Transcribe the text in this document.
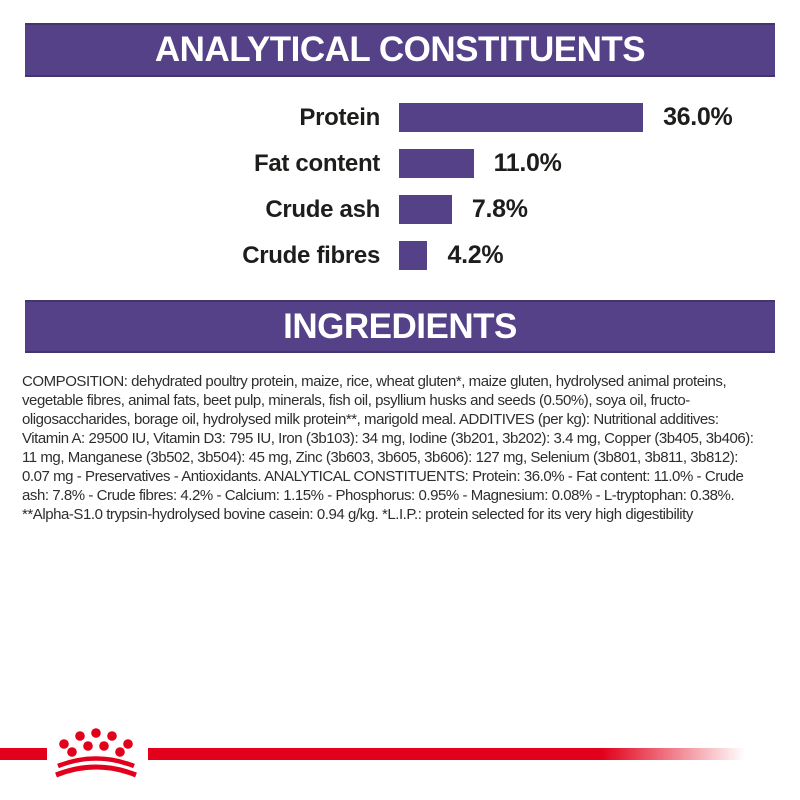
ANALYTICAL CONSTITUENTS
Protein	36.0%
Fat content	11.0%
Crude ash	7.8%
Crude fibres	4.2%
INGREDIENTS
COMPOSITION: dehydrated poultry protein, maize, rice, wheat gluten*, maize gluten, hydrolysed animal proteins,
vegetable fibres, animal fats, beet pulp, minerals, fish oil, psyllium husks and seeds (0.50%), soya oil, fructo-
oligosaccharides, borage oil, hydrolysed milk protein**, marigold meal. ADDITIVES (per kg): Nutritional additives:
Vitamin A: 29500 IU, Vitamin D3: 795 IU, Iron (3b103): 34 mg, Iodine (3b201, 3b202): 3.4 mg, Copper (3b405, 3b406):
11 mg, Manganese (3b502, 3b504): 45 mg, Zinc (3b603, 3b605, 3b606): 127 mg, Selenium (3b801, 3b811, 3b812):
0.07 mg - Preservatives - Antioxidants. ANALYTICAL CONSTITUENTS: Protein: 36.0% - Fat content: 11.0% - Crude
ash: 7.8% - Crude fibres: 4.2% - Calcium: 1.15% - Phosphorus: 0.95% - Magnesium: 0.08% - L-tryptophan: 0.38%.
**Alpha-S1.0 trypsin-hydrolysed bovine casein: 0.94 g/kg. *L.I.P.: protein selected for its very high digestibility
